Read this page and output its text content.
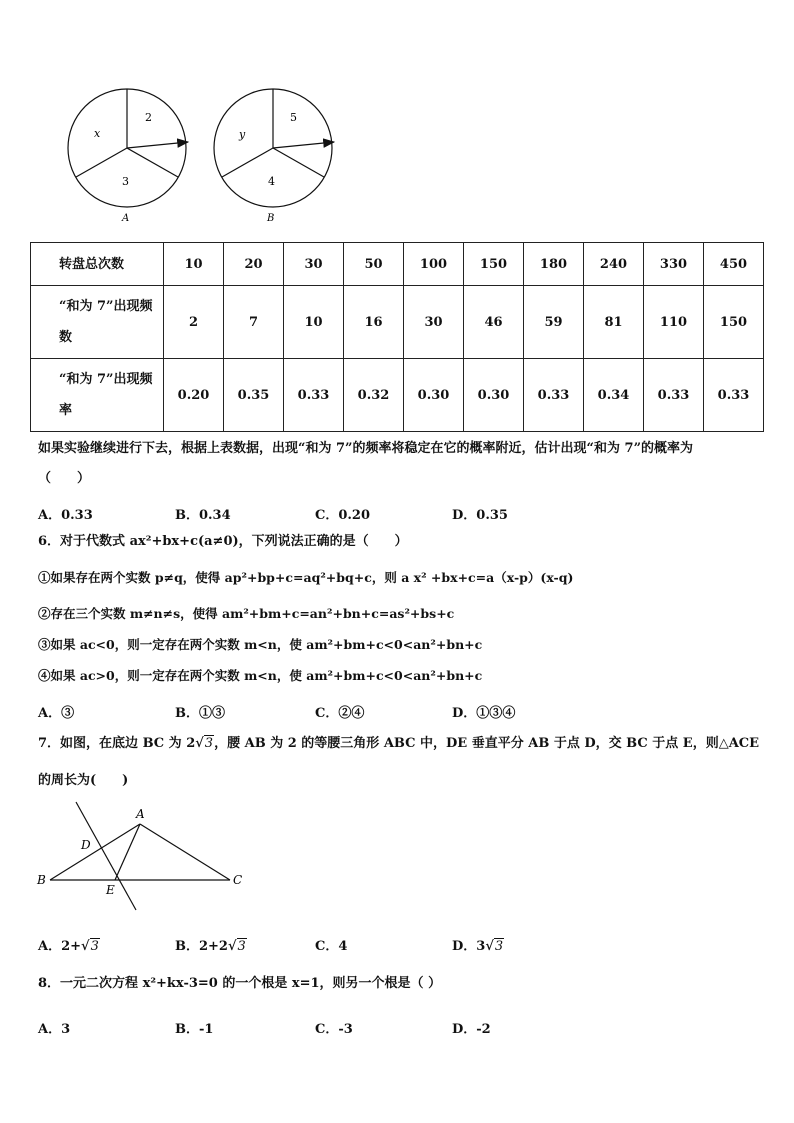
x
2
3
A
y
5
4
B
转盘总次数	10	20	30	50	100	150	180	240	330	450

“和为 7”出现频
数	2	7	10	16	30	46	59	81	110	150

“和为 7”出现频
率	0.20	0.35	0.33	0.32	0.30	0.30	0.33	0.34	0.33	0.33
如果实验继续进行下去，根据上表数据，出现“和为 7”的频率将稳定在它的概率附近，估计出现“和为 7”的概率为
（　　）
A．0.33	B．0.34	C．0.20	D．0.35
6．对于代数式 ax²+bx+c(a≠0)，下列说法正确的是（　　）
①如果存在两个实数 p≠q，使得 ap²+bp+c=aq²+bq+c，则 a x² +bx+c=a（x-p）(x-q)
②存在三个实数 m≠n≠s，使得 am²+bm+c=an²+bn+c=as²+bs+c
③如果 ac<0，则一定存在两个实数 m<n，使 am²+bm+c<0<an²+bn+c
④如果 ac>0，则一定存在两个实数 m<n，使 am²+bm+c<0<an²+bn+c
A．③	B．①③	C．②④	D．①③④
7．如图，在底边 BC 为 2√3，腰 AB 为 2 的等腰三角形 ABC 中，DE 垂直平分 AB 于点 D，交 BC 于点 E，则△ACE
的周长为(　　)
A
B	C
D
E
A．2+√3	B．2+2√3	C．4	D．3√3
8．一元二次方程 x²+kx-3=0 的一个根是 x=1，则另一个根是（ ）
A．3	B．-1	C．-3	D．-2
